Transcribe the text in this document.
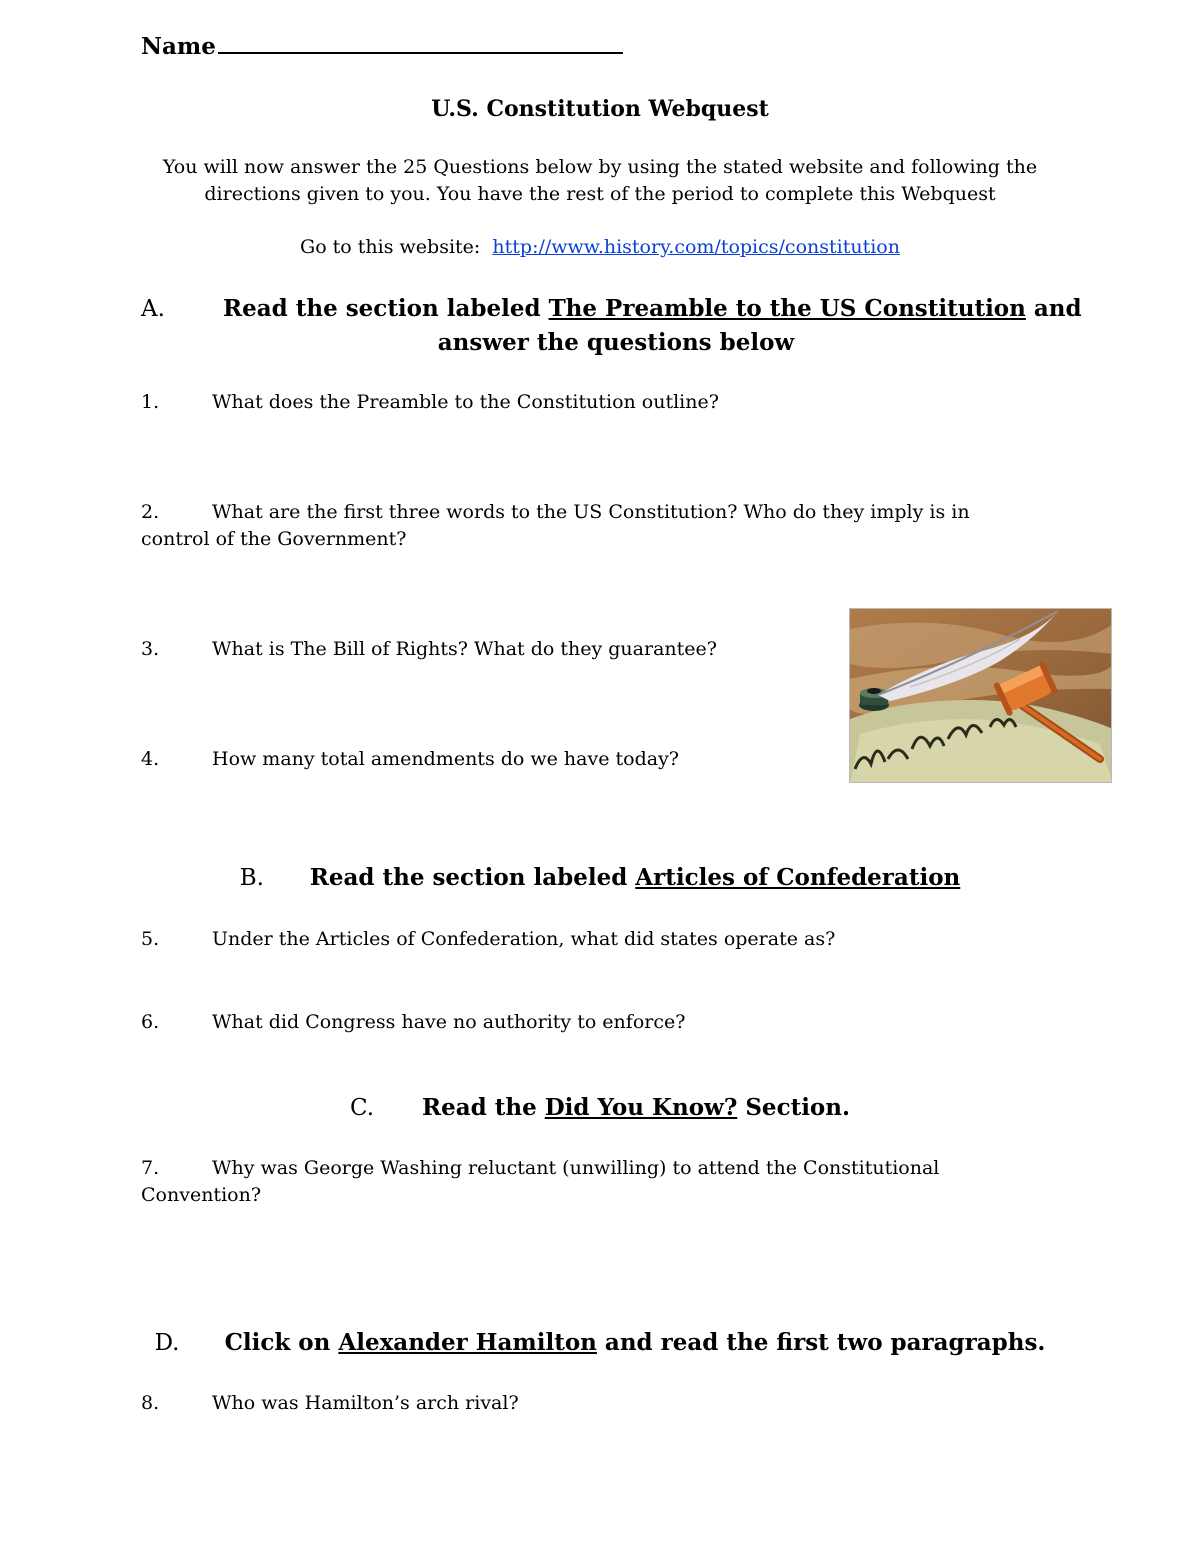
Name
U.S. Constitution Webquest
You will now answer the 25 Questions below by using the stated website and following the
directions given to you. You have the rest of the period to complete this Webquest
Go to this website: http://www.history.com/topics/constitution
A.	Read the section labeled The Preamble to the US Constitution and
answer the questions below
1.	What does the Preamble to the Constitution outline?
2.	What are the first three words to the US Constitution? Who do they imply is in
control of the Government?
3.	What is The Bill of Rights? What do they guarantee?
4.	How many total amendments do we have today?
B. Read the section labeled Articles of Confederation
5.	Under the Articles of Confederation, what did states operate as?
6.	What did Congress have no authority to enforce?
C. Read the Did You Know? Section.
7.	Why was George Washing reluctant (unwilling) to attend the Constitutional
Convention?
D. Click on Alexander Hamilton and read the first two paragraphs.
8.	Who was Hamilton’s arch rival?
